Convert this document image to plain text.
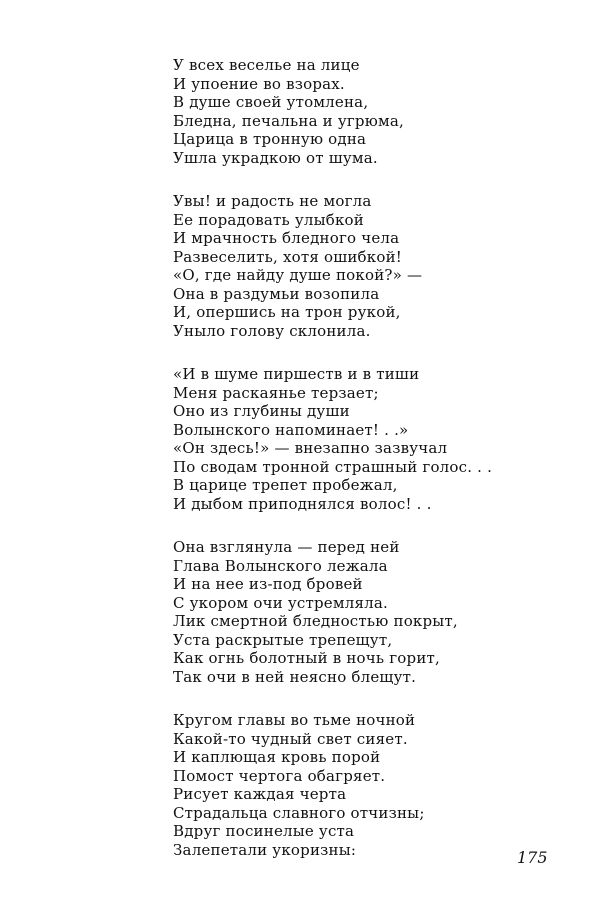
У всех веселье на лице
И упоение во взорах.
В душе своей утомлена,
Бледна, печальна и угрюма,
Царица в тронную одна
Ушла украдкою от шума.
Увы! и радость не могла
Ее порадовать улыбкой
И мрачность бледного чела
Развеселить, хотя ошибкой!
«О, где найду душе покой?» —
Она в раздумьи возопила
И, опершись на трон рукой,
Уныло голову склонила.
«И в шуме пиршеств и в тиши
Меня раскаянье терзает;
Оно из глубины души
Волынского напоминает! . .»
«Он здесь!» — внезапно зазвучал
По сводам тронной страшный голос. . .
В царице трепет пробежал,
И дыбом приподнялся волос! . .
Она взглянула — перед ней
Глава Волынского лежала
И на нее из-под бровей
С укором очи устремляла.
Лик смертной бледностью покрыт,
Уста раскрытые трепещут,
Как огнь болотный в ночь горит,
Так очи в ней неясно блещут.
Кругом главы во тьме ночной
Какой-то чудный свет сияет.
И каплющая кровь порой
Помост чертога обагряет.
Рисует каждая черта
Страдальца славного отчизны;
Вдруг посинелые уста
Залепетали укоризны:	175
